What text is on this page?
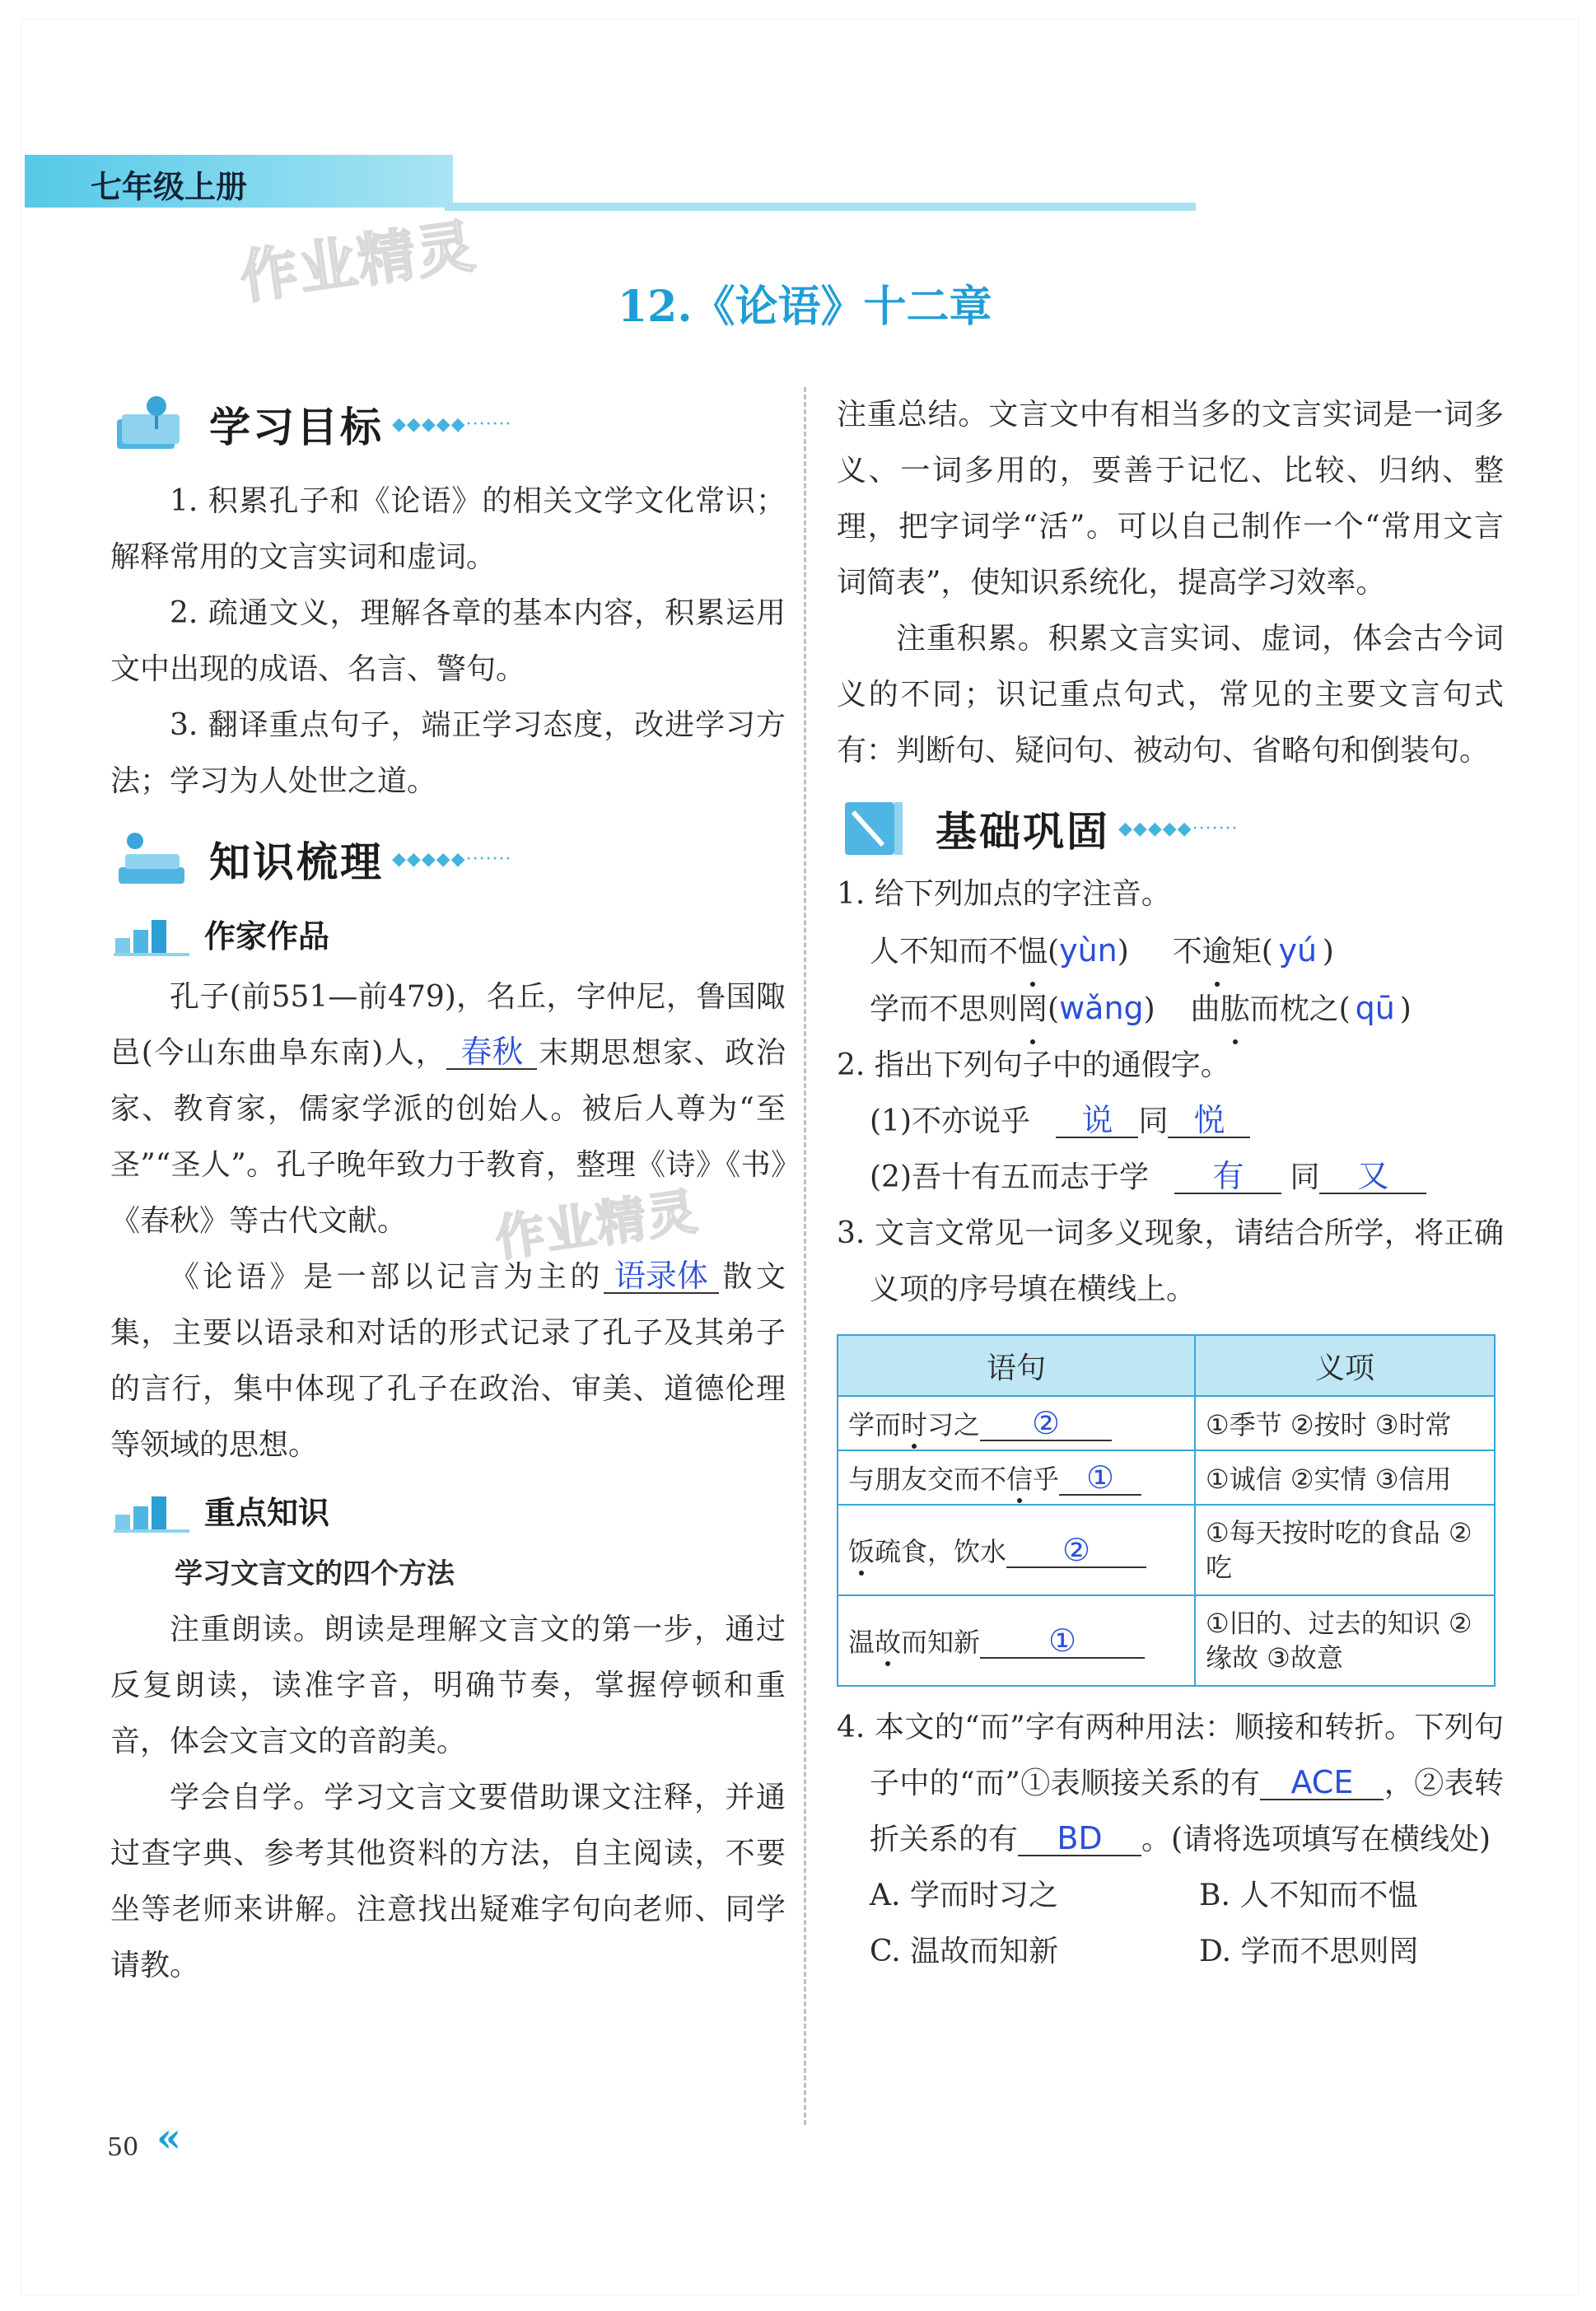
七年级上册
作业精灵	12.《论语》十二章
学习目标 ◆◆◆◆◆·······

1. 积累孔子和《论语》的相关文学文化常识；解释常用的文言实词和虚词。

2. 疏通文义，理解各章的基本内容，积累运用文中出现的成语、名言、警句。

3. 翻译重点句子，端正学习态度，改进学习方法；学习为人处世之道。

知识梳理 ◆◆◆◆◆·······
作家作品

孔子(前551—前479)，名丘，字仲尼，鲁国陬邑(今山东曲阜东南)人， 春秋 末期思想家、政治家、教育家，儒家学派的创始人。被后人尊为“至圣”“圣人”。孔子晚年致力于教育，整理《诗》《书》《春秋》等古代文献。

《论语》是一部以记言为主的 语录体 散文集，主要以语录和对话的形式记录了孔子及其弟子的言行，集中体现了孔子在政治、审美、道德伦理等领域的思想。

重点知识

学习文言文的四个方法

注重朗读。朗读是理解文言文的第一步，通过反复朗读，读准字音，明确节奏，掌握停顿和重音，体会文言文的音韵美。

学会自学。学习文言文要借助课文注释，并通过查字典、参考其他资料的方法，自主阅读，不要坐等老师来讲解。注意找出疑难字句向老师、同学请教。

作业精灵

注重总结。文言文中有相当多的文言实词是一词多义、一词多用的，要善于记忆、比较、归纳、整理，把字词学“活”。可以自己制作一个“常用文言词简表”，使知识系统化，提高学习效率。

注重积累。积累文言实词、虚词，体会古今词义的不同；识记重点句式，常见的主要文言句式有：判断句、疑问句、被动句、省略句和倒装句。

基础巩固 ◆◆◆◆◆·······

1. 给下列加点的字注音。

人不知而不愠(yùn) 不逾矩( yú )
学而不思则罔(wǎng) 曲肱而枕之( qū )

2. 指出下列句子中的通假字。

(1)不亦说乎 说 同 悦
(2)吾十有五而志于学 有 同 又

3. 文言文常见一词多义现象，请结合所学，将正确义项的序号填在横线上。

语句	义项
学而时习之 ②	①季节 ②按时 ③时常
与朋友交而不信乎 ①	①诚信 ②实情 ③信用
饭疏食，饮水 ②	①每天按时吃的食品 ②吃
温故而知新 ①	①旧的、过去的知识 ②缘故 ③故意

4. 本文的“而”字有两种用法：顺接和转折。下列句子中的“而”①表顺接关系的有 ACE ，②表转折关系的有 BD 。(请将选项填写在横线处)

A. 学而时习之	B. 人不知而不愠
C. 温故而知新	D. 学而不思则罔
50 «
